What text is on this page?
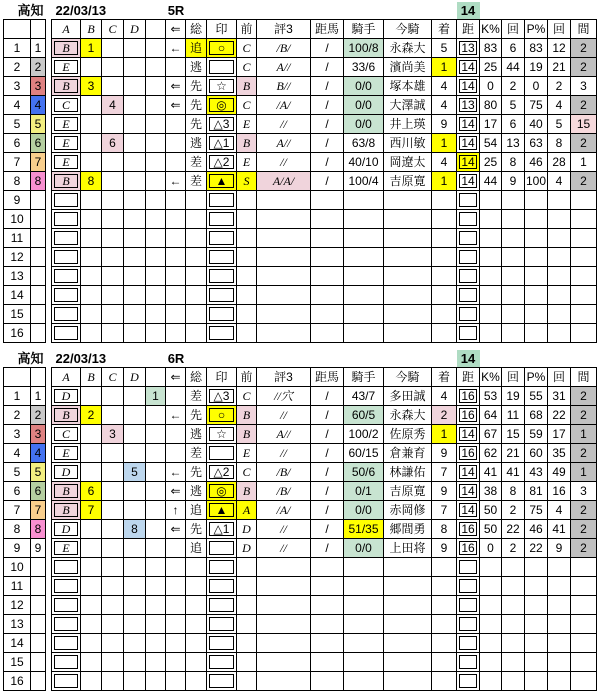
高知		22/03/13					5R										14					
			A	B	C	D		⇐	総	印	前	評3	距馬	騎手	今騎	着	距	K%	回	P%	回	間
1	1		B	1				←	追	○	C	/B/	/	100/8	永森大	5	13	83	6	83	12	2
2	2		E						逃		C	A//	/	33/6	濱尚美	1	14	25	44	19	21	2
3	3		B	3				⇐	先	☆	B	B//	/	0/0	塚本雄	4	14	0	2	0	2	3
4	4		C		4			⇐	先	◎	C	/A/	/	0/0	大澤誠	4	13	80	5	75	4	2
5	5		E						先	△3	E	//	/	0/0	井上瑛	9	14	17	6	40	5	15
6	6		E		6				逃	△1	B	A//	/	63/8	西川敏	1	14	54	13	63	8	2
7	7		E						差	△2	E	//	/	40/10	岡遼太	4	14	25	8	46	28	1
8	8		B	8				←	差	▲	S	A/A/	/	100/4	吉原寛	1	14	44	9	100	4	2
9			

10			

11			

12			

13			

14			

15			

16			

高知		22/03/13					6R										14					
			A	B	C	D		⇐	総	印	前	評3	距馬	騎手	今騎	着	距	K%	回	P%	回	間
1	1		D				1		差	△3	C	//穴	/	43/7	多田誠	4	16	53	19	55	31	2
2	2		B	2				←	先	○	B	//	/	60/5	永森大	2	16	64	11	68	22	2
3	3		C		3				逃	☆	B	A//	/	100/2	佐原秀	1	14	67	15	59	17	1
4	4		E						差		E	//	/	60/15	倉兼育	9	16	62	21	60	35	2
5	5		D			5		←	先	△2	C	/B/	/	50/6	林謙佑	7	14	41	41	43	49	1
6	6		B	6				⇐	逃	◎	B	/B/	/	0/1	吉原寛	9	14	38	8	81	16	3
7	7		B	7				↑	追	▲	A	/A/	/	0/0	赤岡修	7	14	50	2	75	4	2
8	8		D			8		⇐	先	△1	D	//	/	51/35	郷間勇	8	16	50	22	46	41	2
9	9		E						追		D	//	/	0/0	上田将	9	16	0	2	22	9	2
10			

11			

12			

13			

14			

15			

16			
